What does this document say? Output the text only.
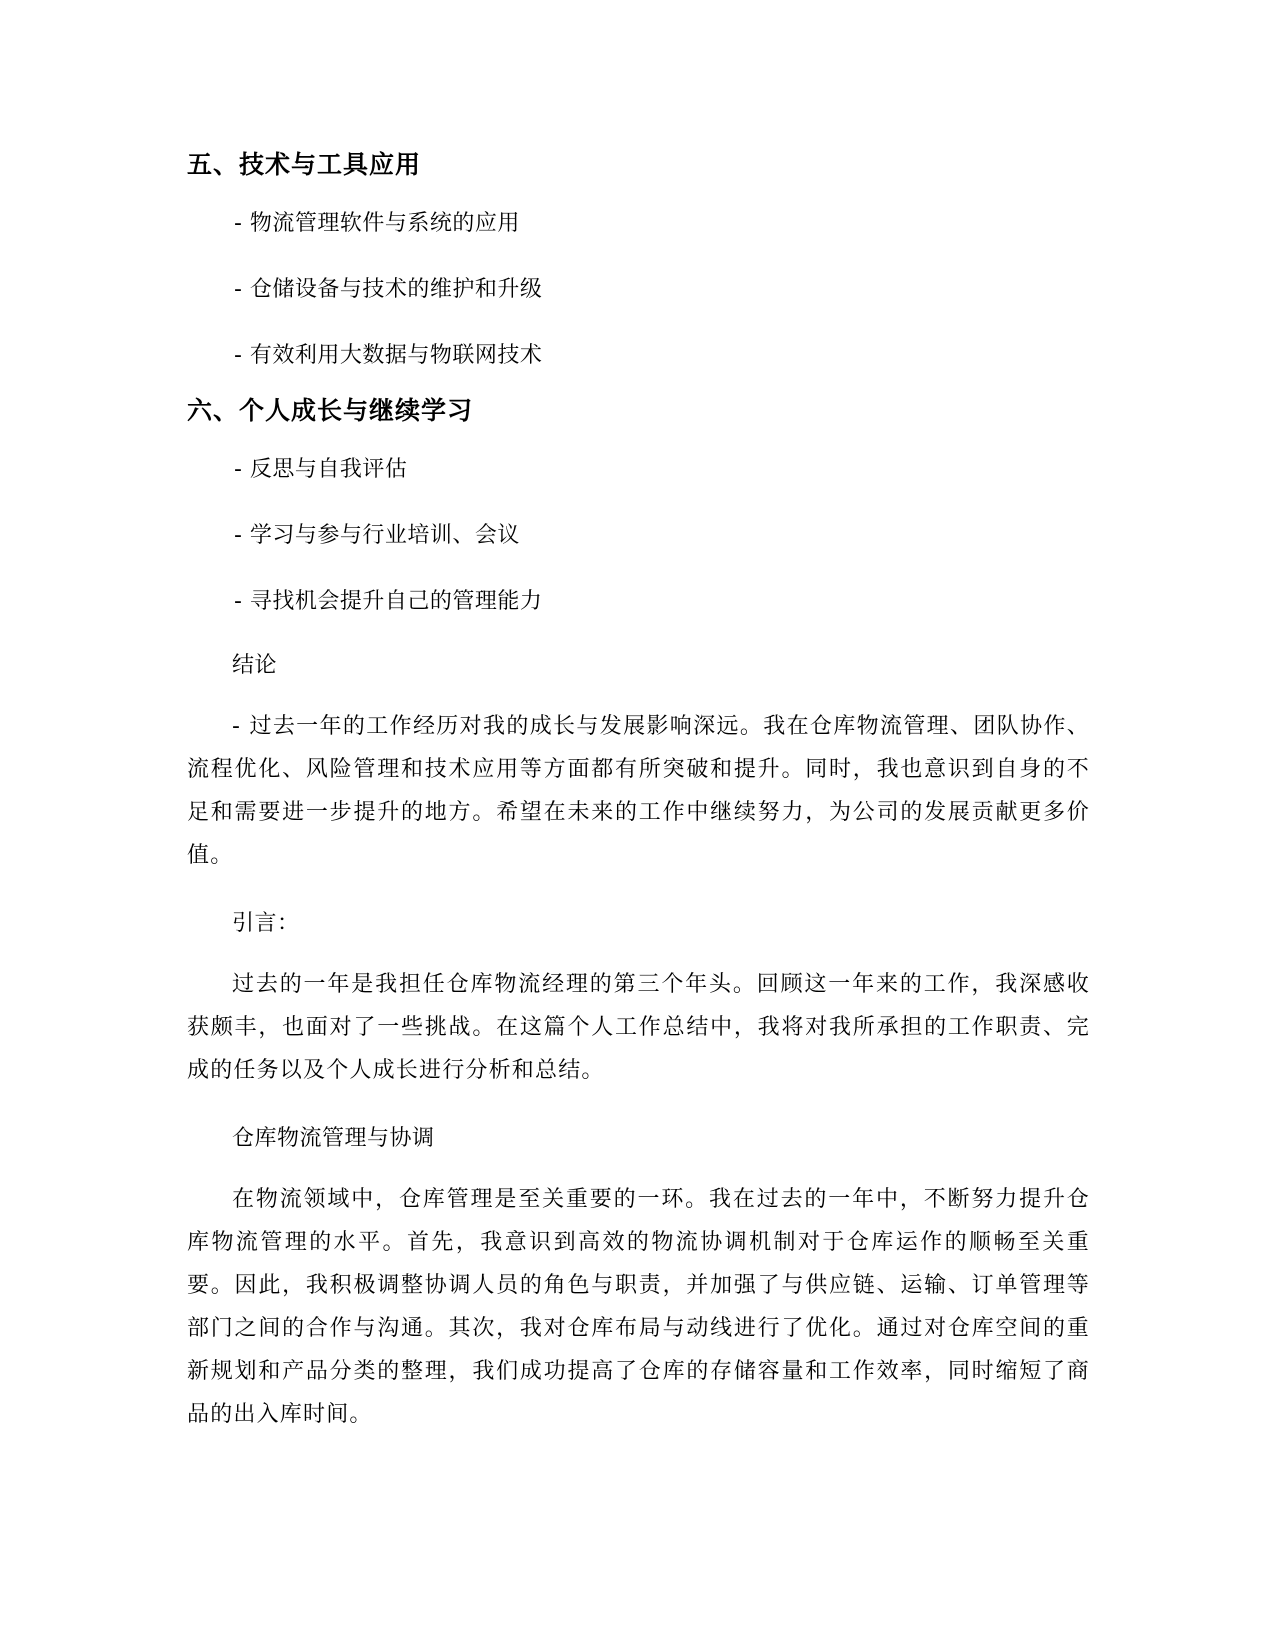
五、技术与工具应用
- 物流管理软件与系统的应用
- 仓储设备与技术的维护和升级
- 有效利用大数据与物联网技术
六、个人成长与继续学习
- 反思与自我评估
- 学习与参与行业培训、会议
- 寻找机会提升自己的管理能力

结论

- 过去一年的工作经历对我的成长与发展影响深远。我在仓库物流管理、团队协作、流程优化、风险管理和技术应用等方面都有所突破和提升。同时，我也意识到自身的不足和需要进一步提升的地方。希望在未来的工作中继续努力，为公司的发展贡献更多价值。

引言：

过去的一年是我担任仓库物流经理的第三个年头。回顾这一年来的工作，我深感收获颇丰，也面对了一些挑战。在这篇个人工作总结中，我将对我所承担的工作职责、完成的任务以及个人成长进行分析和总结。

仓库物流管理与协调

在物流领域中，仓库管理是至关重要的一环。我在过去的一年中，不断努力提升仓库物流管理的水平。首先，我意识到高效的物流协调机制对于仓库运作的顺畅至关重要。因此，我积极调整协调人员的角色与职责，并加强了与供应链、运输、订单管理等部门之间的合作与沟通。其次，我对仓库布局与动线进行了优化。通过对仓库空间的重新规划和产品分类的整理，我们成功提高了仓库的存储容量和工作效率，同时缩短了商品的出入库时间。
